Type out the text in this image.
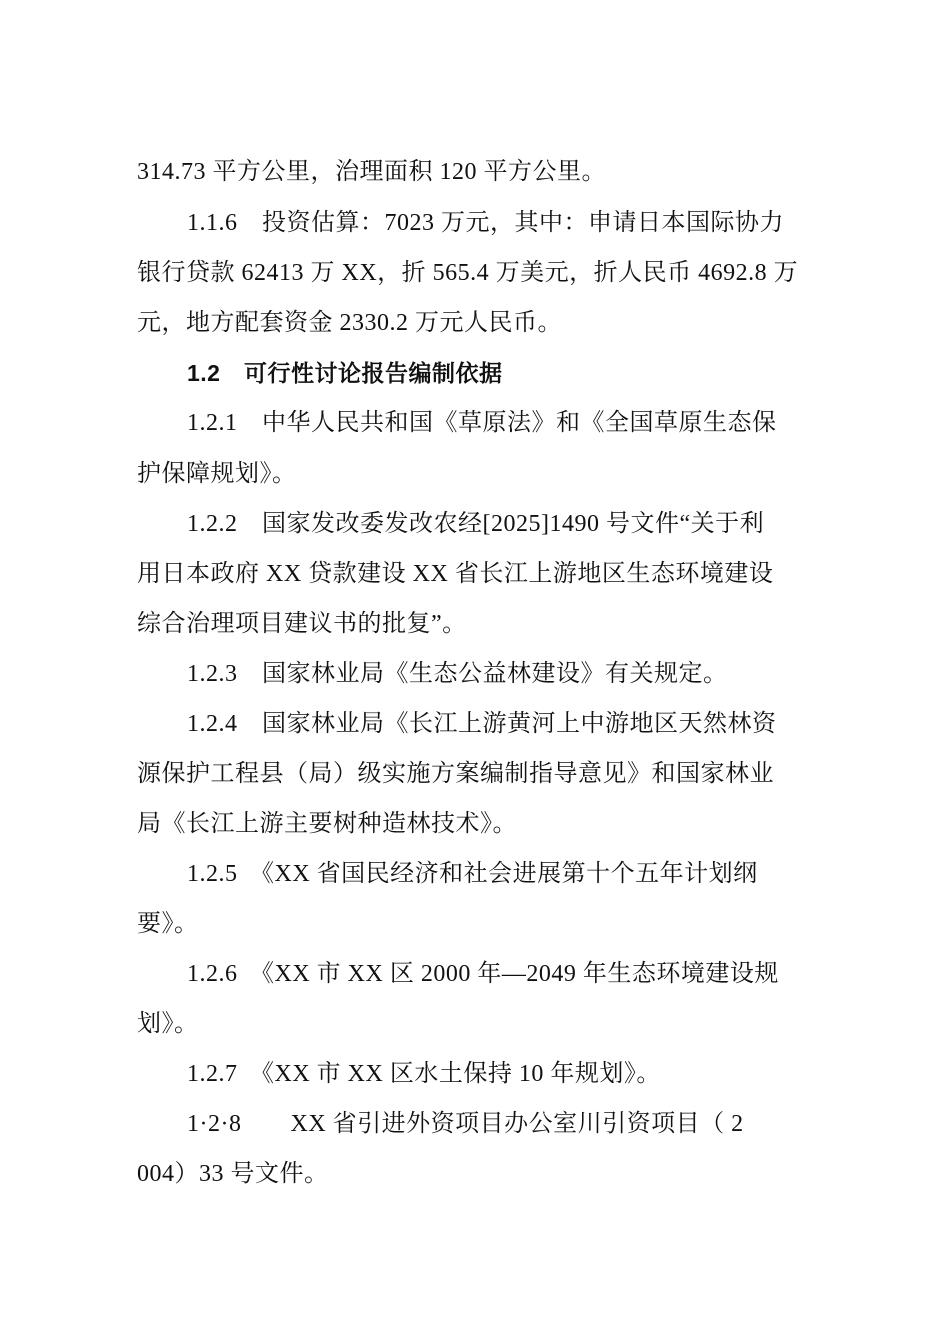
314.73 平方公里，治理面积 120 平方公里。
1.1.6　投资估算：7023 万元，其中：申请日本国际协力
银行贷款 62413 万 XX，折 565.4 万美元，折人民币 4692.8 万
元，地方配套资金 2330.2 万元人民币。
1.2　可行性讨论报告编制依据
1.2.1　中华人民共和国《草原法》和《全国草原生态保
护保障规划》。
1.2.2　国家发改委发改农经[2025]1490 号文件“关于利
用日本政府 XX 贷款建设 XX 省长江上游地区生态环境建设
综合治理项目建议书的批复”。
1.2.3　国家林业局《生态公益林建设》有关规定。
1.2.4　国家林业局《长江上游黄河上中游地区天然林资
源保护工程县（局）级实施方案编制指导意见》和国家林业
局《长江上游主要树种造林技术》。
1.2.5　《XX 省国民经济和社会进展第十个五年计划纲
要》。
1.2.6　《XX 市 XX 区 2000 年—2049 年生态环境建设规
划》。
1.2.7　《XX 市 XX 区水土保持 10 年规划》。
1·2·8　　XX 省引进外资项目办公室川引资项目（ 2
004）33 号文件。
